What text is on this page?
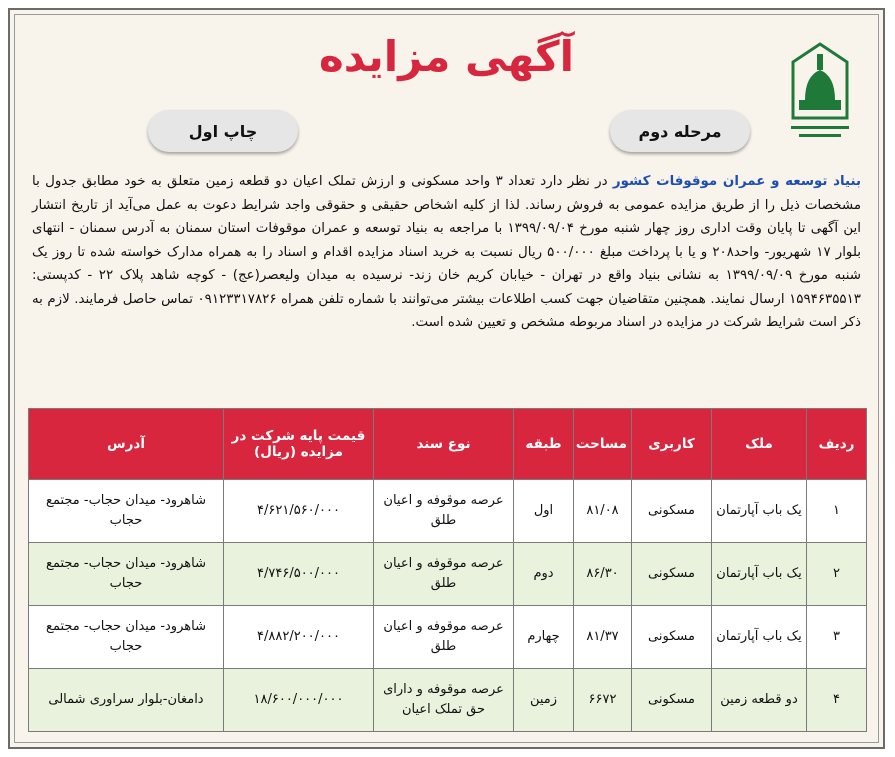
آگهی مزایده
چاپ اول	مرحله دوم
بنیاد توسعه و عمران موقوفات کشور در نظر دارد تعداد ۳ واحد مسکونی و ارزش تملک اعیان دو قطعه زمین متعلق به خود مطابق جدول با مشخصات ذیل را از طریق مزایده عمومی به فروش رساند. لذا از کلیه اشخاص حقیقی و حقوقی واجد شرایط دعوت به عمل می‌آید از تاریخ انتشار این آگهی تا پایان وقت اداری روز چهار شنبه مورخ ۱۳۹۹/۰۹/۰۴ با مراجعه به بنیاد توسعه و عمران موقوفات استان سمنان به آدرس سمنان - انتهای بلوار ۱۷ شهریور- واحد۲۰۸ و یا با پرداخت مبلغ ۵۰۰/۰۰۰ ریال نسبت به خرید اسناد مزایده اقدام و اسناد را به همراه مدارک خواسته شده تا روز یک شنبه مورخ ۱۳۹۹/۰۹/۰۹ به نشانی بنیاد واقع در تهران - خیابان کریم خان زند- نرسیده به میدان ولیعصر(عج) - کوچه شاهد پلاک ۲۲ - کدپستی: ۱۵۹۴۶۳۵۵۱۳ ارسال نمایند. همچنین متقاضیان جهت کسب اطلاعات بیشتر می‌توانند با شماره تلفن همراه ۰۹۱۲۳۳۱۷۸۲۶ تماس حاصل فرمایند. لازم به ذکر است شرایط شرکت در مزایده در اسناد مربوطه مشخص و تعیین شده است.
ردیف	ملک	کاربری	مساحت	طبقه	نوع سند	قیمت پایه شرکت در مزایده (ریال)	آدرس
۱	یک باب آپارتمان	مسکونی	۸۱/۰۸	اول	عرصه موقوفه و اعیان طلق	۴/۶۲۱/۵۶۰/۰۰۰	شاهرود- میدان حجاب- مجتمع حجاب
۲	یک باب آپارتمان	مسکونی	۸۶/۳۰	دوم	عرصه موقوفه و اعیان طلق	۴/۷۴۶/۵۰۰/۰۰۰	شاهرود- میدان حجاب- مجتمع حجاب
۳	یک باب آپارتمان	مسکونی	۸۱/۳۷	چهارم	عرصه موقوفه و اعیان طلق	۴/۸۸۲/۲۰۰/۰۰۰	شاهرود- میدان حجاب- مجتمع حجاب
۴	دو قطعه زمین	مسکونی	۶۶۷۲	زمین	عرصه موقوفه و دارای حق تملک اعیان	۱۸/۶۰۰/۰۰۰/۰۰۰	دامغان-بلوار سراوری شمالی
